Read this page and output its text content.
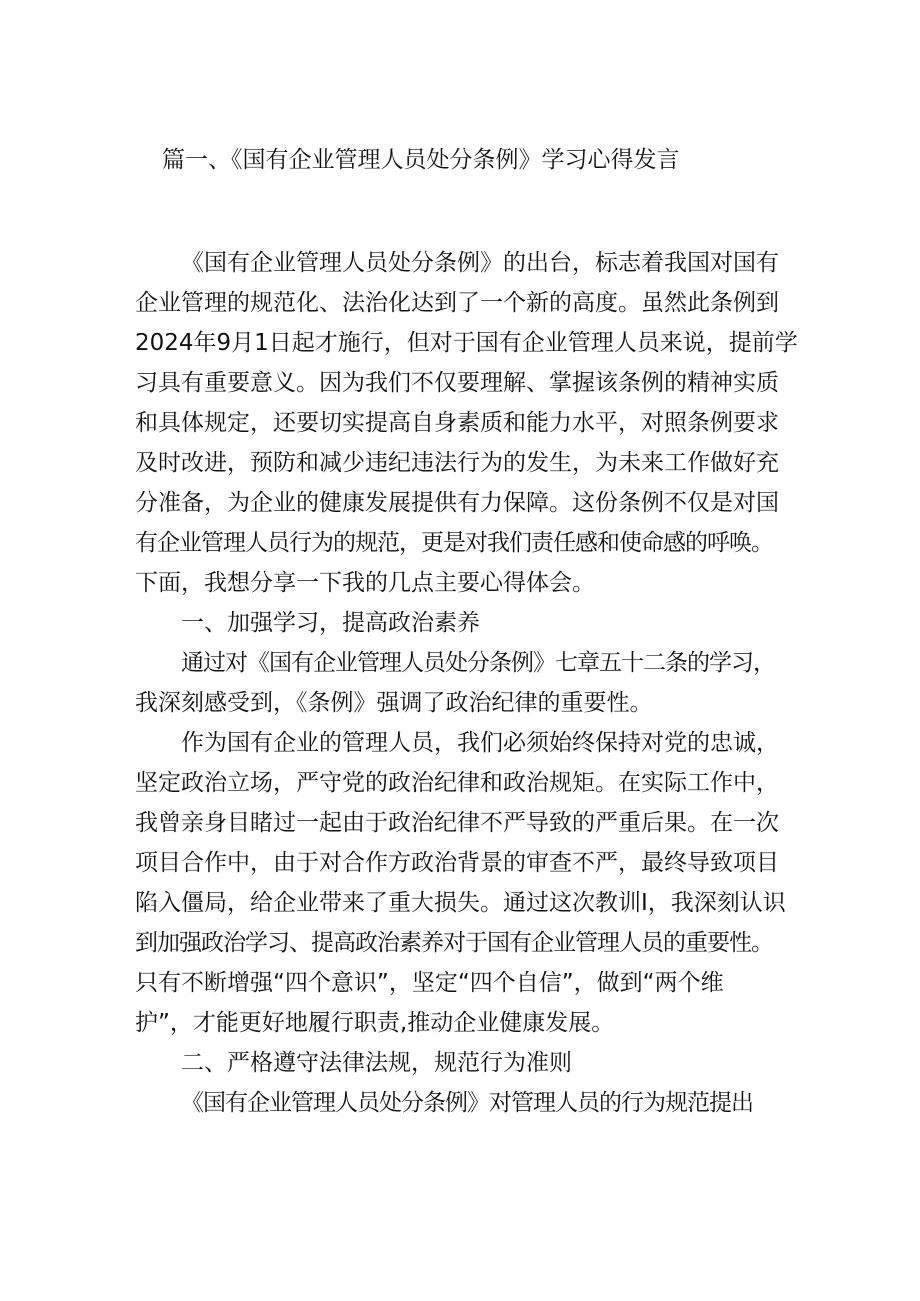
篇一、《国有企业管理人员处分条例》学习心得发言
《国有企业管理人员处分条例》的出台，标志着我国对国有
企业管理的规范化、法治化达到了一个新的高度。虽然此条例到
2024年9月1日起才施行，但对于国有企业管理人员来说，提前学
习具有重要意义。因为我们不仅要理解、掌握该条例的精神实质
和具体规定，还要切实提高自身素质和能力水平，对照条例要求
及时改进，预防和减少违纪违法行为的发生，为未来工作做好充
分准备，为企业的健康发展提供有力保障。这份条例不仅是对国
有企业管理人员行为的规范，更是对我们责任感和使命感的呼唤。
下面，我想分享一下我的几点主要心得体会。
一、加强学习，提高政治素养
通过对《国有企业管理人员处分条例》七章五十二条的学习，
我深刻感受到，《条例》强调了政治纪律的重要性。
作为国有企业的管理人员，我们必须始终保持对党的忠诚，
坚定政治立场，严守党的政治纪律和政治规矩。在实际工作中，
我曾亲身目睹过一起由于政治纪律不严导致的严重后果。在一次
项目合作中，由于对合作方政治背景的审查不严，最终导致项目
陷入僵局，给企业带来了重大损失。通过这次教训I，我深刻认识
到加强政治学习、提高政治素养对于国有企业管理人员的重要性。
只有不断增强“四个意识”，坚定“四个自信”，做到“两个维
护”，才能更好地履行职责,推动企业健康发展。
二、严格遵守法律法规，规范行为准则
《国有企业管理人员处分条例》对管理人员的行为规范提出
